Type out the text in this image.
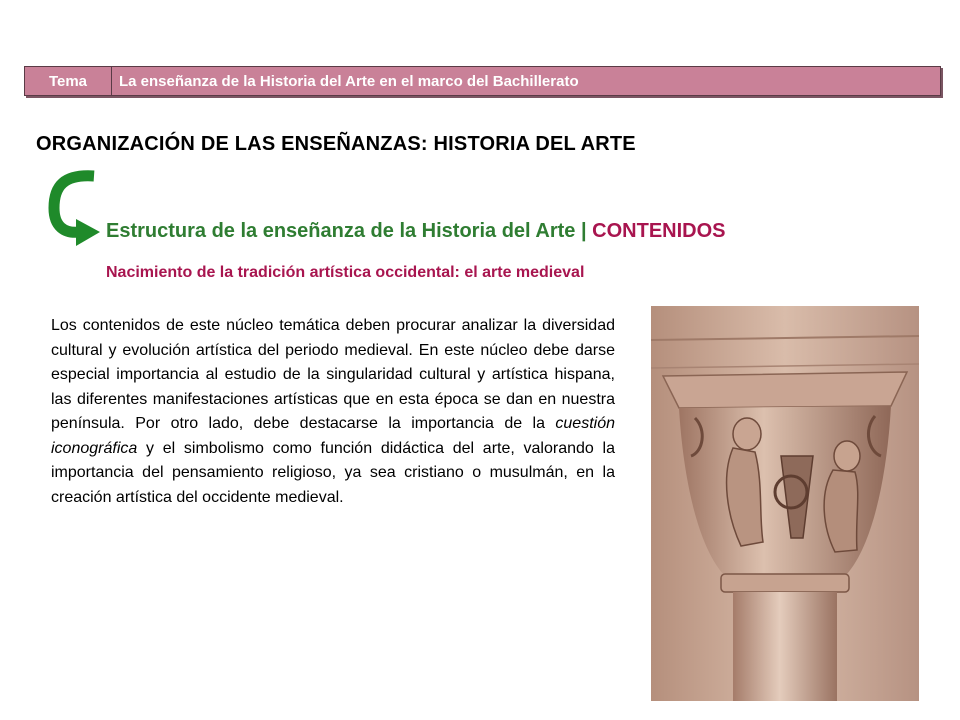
Tema	La enseñanza de la Historia del Arte en el marco del Bachillerato
ORGANIZACIÓN DE LAS ENSEÑANZAS: HISTORIA DEL ARTE
Estructura de la enseñanza de la Historia del Arte | CONTENIDOS
Nacimiento de la tradición artística occidental: el arte medieval

Los contenidos de este núcleo temática deben procurar analizar la diversidad cultural y evolución artística del periodo medieval. En este núcleo debe darse especial importancia al estudio de la singularidad cultural y artística hispana, las diferentes manifestaciones artísticas que en esta época se dan en nuestra península. Por otro lado, debe destacarse la importancia de la cuestión iconográfica y el simbolismo como función didáctica del arte, valorando la importancia del pensamiento religioso, ya sea cristiano o musulmán, en la creación artística del occidente medieval.
